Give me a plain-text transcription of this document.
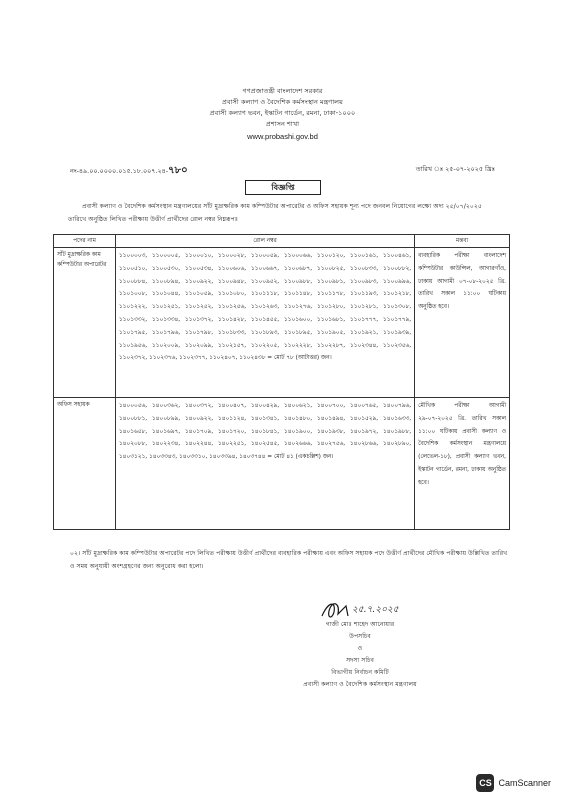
গণপ্রজাতন্ত্রী বাংলাদেশ সরকার
প্রবাসী কল্যাণ ও বৈদেশিক কর্মসংস্থান মন্ত্রণালয়
প্রবাসী কল্যাণ ভবন, ইস্কাটন গার্ডেন, রমনা, ঢাকা-১০০০
প্রশাসন শাখা
www.probashi.gov.bd
নং-৪৯.০০.০০০০.০১৫.১৮.০০৭.২৪-৭৮০	তারিখ ঃ ২৫-০৭-২০২৫ খ্রিঃ
বিজ্ঞপ্তি
প্রবাসী কল্যাণ ও বৈদেশিক কর্মসংস্থান মন্ত্রণালয়ের সাঁট মুদ্রাক্ষরিক কাম কম্পিউটার অপারেটর ও অফিস সহায়ক শূন্য পদে জনবল নিয়োগের লক্ষ্যে অদ্য ২৫/০৭/২০২৫ তারিখে অনুষ্ঠিত লিখিত পরীক্ষায় উত্তীর্ণ প্রার্থীদের রোল নম্বর নিম্নরূপঃ
পদের নাম	রোল নম্বর	মন্তব্য
সাঁট মুদ্রাক্ষরিক কাম কম্পিউটার অপারেটর	১১০০০০৩, ১১০০০০৫, ১১০০০১০, ১১০০০২৮, ১১০০০৫৯, ১১০০০৬৬, ১১০০১২০, ১১০০১৬১, ১১০০৪৬১, ১১০০৫১০, ১১০০৫৩০, ১১০০৫৩৪, ১১০০৬০৬, ১১০০৬৬৭, ১১০০৬৮৭, ১১০০৮২৫, ১১০০৮৩৩, ১১০০৮৮২, ১১০০৮৮৪, ১১০০৮৯৪, ১১০০৯২২, ১১০০৯৪৮, ১১০০৯৫২, ১১০০৯৮৮, ১১০০৯৮১, ১১০০৯৮৩, ১১০০৯৯৬, ১১০১০০৮, ১১০১০৪৪, ১১০১০৫৯, ১১০১০৮০, ১১০১১১৮, ১১০১১৪৮, ১১০১১৭৮, ১১০১১৯৩, ১১০১২১৮, ১১০১২২২, ১১০১২৫১, ১১০১২৫২, ১১০১২৫৬, ১১০১২৬৩, ১১০১২৭৬, ১১০১২৮০, ১১০১২৮১, ১১০১৩০৮, ১১০১৩৩২, ১১০১৩৩৪, ১১০১৩৭২, ১১০১৪২৮, ১১০১৪৫৫, ১১০১৬০০, ১১০১৬৮১, ১১০১৭৭৭, ১১০১৭৭৯, ১১০১৭৯৫, ১১০১৭৯৬, ১১০১৭৯৮, ১১০১৮৩৩, ১১০১৮৯৩, ১১০১৮৯৫, ১১০১৯০৫, ১১০১৯২১, ১১০১৯৩৯, ১১০১৯৫৬, ১১০২০০৯, ১১০২০৯৯, ১১০২১৫৭, ১১০২২০৫, ১১০২২২৮, ১১০২২৮৭, ১১০২৩৪৪, ১১০২৩৫৬, ১১০২৩৭২, ১১০২৩৭৬, ১১০২৩৭৭, ১১০২৪০৭, ১১০২৪৩৮ = মোট ৭৮ (আটাত্তর) জন।	ব্যবহারিক পরীক্ষা বাংলাদেশ কম্পিউটার কাউন্সিল, আগারগাঁও, ঢাকায় আগামী ০৭-০৮-২০২৫ খ্রি. তারিখ সকাল ১১:০০ ঘটিকায় অনুষ্ঠিত হবে।
অফিস সহায়ক	১৪০০০৫৬, ১৪০০৩৬২, ১৪০০৩৭২, ১৪০০৪০৭, ১৪০০৪২৯, ১৪০০৬২১, ১৪০০৭০০, ১৪০০৭৬৫, ১৪০০৭৯৬, ১৪০০৮৮১, ১৪০০৮৯৯, ১৪০০৯২২, ১৪০১১২৪, ১৪০১৩৪১, ১৪০১৪৮০, ১৪০১৪৯৪, ১৪০১৫২৯, ১৪০১৬৩৩, ১৪০১৬৫৮, ১৪০১৬৯৭, ১৪০১৭০৯, ১৪০১৭২০, ১৪০১৮৪১, ১৪০১৯০০, ১৪০১৯৩৮, ১৪০১৯৭২, ১৪০১৯৮৮, ১৪০২০৮৮, ১৪০২২৩৪, ১৪০২২৪৪, ১৪০২২৫১, ১৪০২৫৪৫, ১৪০২৬৬৬, ১৪০২৭৫৬, ১৪০২৮৬৬, ১৪০২৮৯০, ১৪০৩১২১, ১৪০৩৩৪৩, ১৪০৩৩১০, ১৪০৩৩৯৪, ১৪০৩৭৪৪ = মোট ৪১ (একচল্লিশ) জন।	মৌখিক পরীক্ষা আগামী ২৯-০৭-২০২৫ খ্রি. তারিখ সকাল ১১:০০ ঘটিকায় প্রবাসী কল্যাণ ও বৈদেশিক কর্মসংস্থান মন্ত্রণালয়ে (লেভেল-১৮), প্রবাসী কল্যাণ ভবন, ইস্কাটন গার্ডেন, রমনা, ঢাকায় অনুষ্ঠিত হবে।
০২। সাঁট মুদ্রাক্ষরিক কাম কম্পিউটার অপারেটর পদে লিখিত পরীক্ষায় উত্তীর্ণ প্রার্থীদের ব্যবহারিক পরীক্ষায় এবং অফিস সহায়ক পদে উত্তীর্ণ প্রার্থীদের মৌখিক পরীক্ষায় উল্লিখিত তারিখ ও সময় অনুযায়ী অংশগ্রহণের জন্য অনুরোধ করা হলো।
২৫.৭.২০২৫
গাজী মোঃ শাহেদ আনোয়ার
উপসচিব
ও
সদস্য সচিব
বিভাগীয় নির্বাচন কমিটি
প্রবাসী কল্যাণ ও বৈদেশিক কর্মসংস্থান মন্ত্রণালয়
CS CamScanner
